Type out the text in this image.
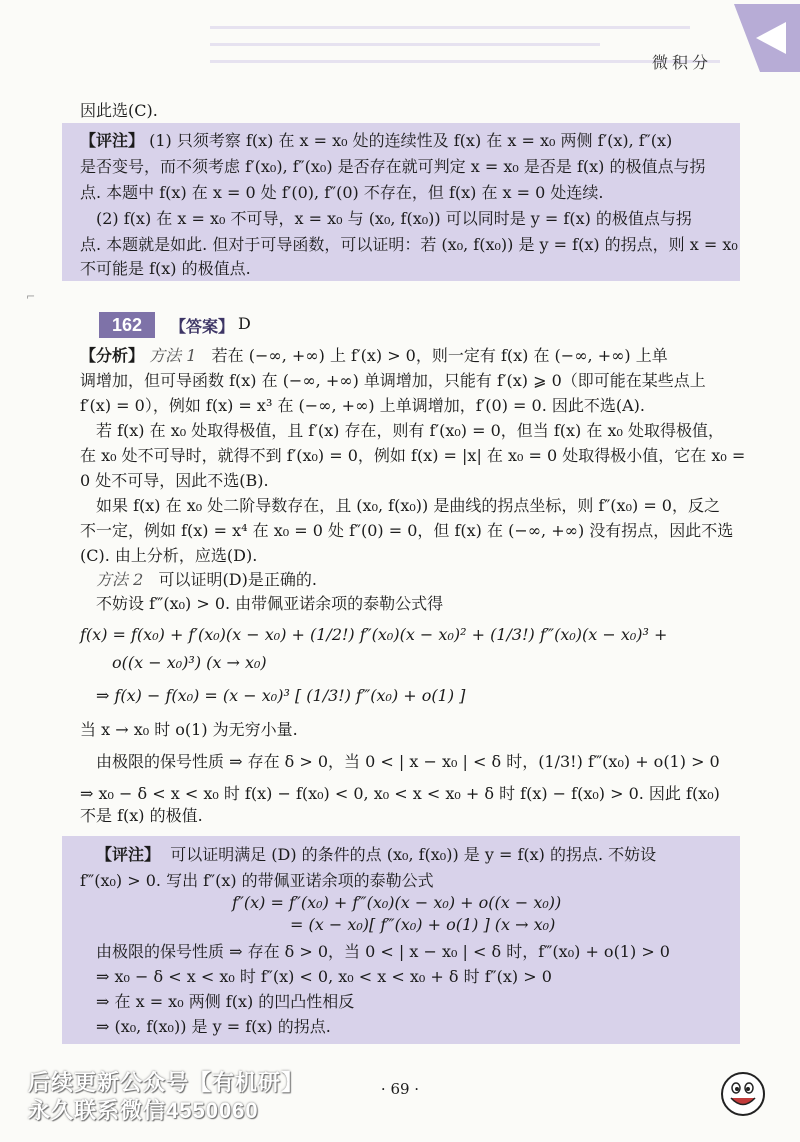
微积分
因此选(C).
【评注】 (1) 只须考察 f(x) 在 x = x₀ 处的连续性及 f(x) 在 x = x₀ 两侧 f′(x), f″(x)
是否变号，而不须考虑 f′(x₀), f″(x₀) 是否存在就可判定 x = x₀ 是否是 f(x) 的极值点与拐
点. 本题中 f(x) 在 x = 0 处 f′(0), f″(0) 不存在，但 f(x) 在 x = 0 处连续.
(2) f(x) 在 x = x₀ 不可导，x = x₀ 与 (x₀, f(x₀)) 可以同时是 y = f(x) 的极值点与拐
点. 本题就是如此. 但对于可导函数，可以证明：若 (x₀, f(x₀)) 是 y = f(x) 的拐点，则 x = x₀
不可能是 f(x) 的极值点.
⌐
162	【答案】 D
【分析】 方法 1 若在 (−∞, +∞) 上 f′(x) > 0，则一定有 f(x) 在 (−∞, +∞) 上单
调增加，但可导函数 f(x) 在 (−∞, +∞) 单调增加，只能有 f′(x) ⩾ 0（即可能在某些点上
f′(x) = 0），例如 f(x) = x³ 在 (−∞, +∞) 上单调增加，f′(0) = 0. 因此不选(A).
若 f(x) 在 x₀ 处取得极值，且 f′(x) 存在，则有 f′(x₀) = 0，但当 f(x) 在 x₀ 处取得极值，
在 x₀ 处不可导时，就得不到 f′(x₀) = 0，例如 f(x) = |x| 在 x₀ = 0 处取得极小值，它在 x₀ =
0 处不可导，因此不选(B).
如果 f(x) 在 x₀ 处二阶导数存在，且 (x₀, f(x₀)) 是曲线的拐点坐标，则 f″(x₀) = 0，反之
不一定，例如 f(x) = x⁴ 在 x₀ = 0 处 f″(0) = 0，但 f(x) 在 (−∞, +∞) 没有拐点，因此不选
(C). 由上分析，应选(D).
方法 2 可以证明(D)是正确的.
不妨设 f‴(x₀) > 0. 由带佩亚诺余项的泰勒公式得
f(x) = f(x₀) + f′(x₀)(x − x₀) + (1/2!) f″(x₀)(x − x₀)² + (1/3!) f‴(x₀)(x − x₀)³ +
o((x − x₀)³) (x → x₀)
⇒ f(x) − f(x₀) = (x − x₀)³ [ (1/3!) f‴(x₀) + o(1) ]
当 x → x₀ 时 o(1) 为无穷小量.
由极限的保号性质 ⇒ 存在 δ > 0，当 0 < | x − x₀ | < δ 时，(1/3!) f‴(x₀) + o(1) > 0
⇒ x₀ − δ < x < x₀ 时 f(x) − f(x₀) < 0, x₀ < x < x₀ + δ 时 f(x) − f(x₀) > 0. 因此 f(x₀)
不是 f(x) 的极值.
【评注】 可以证明满足 (D) 的条件的点 (x₀, f(x₀)) 是 y = f(x) 的拐点. 不妨设
f‴(x₀) > 0. 写出 f″(x) 的带佩亚诺余项的泰勒公式
f″(x) = f″(x₀) + f‴(x₀)(x − x₀) + o((x − x₀))
= (x − x₀)[ f‴(x₀) + o(1) ] (x → x₀)
由极限的保号性质 ⇒ 存在 δ > 0，当 0 < | x − x₀ | < δ 时，f‴(x₀) + o(1) > 0
⇒ x₀ − δ < x < x₀ 时 f″(x) < 0, x₀ < x < x₀ + δ 时 f″(x) > 0
⇒ 在 x = x₀ 两侧 f(x) 的凹凸性相反
⇒ (x₀, f(x₀)) 是 y = f(x) 的拐点.
后续更新公众号【有机研】
永久联系微信4550060
· 69 ·
